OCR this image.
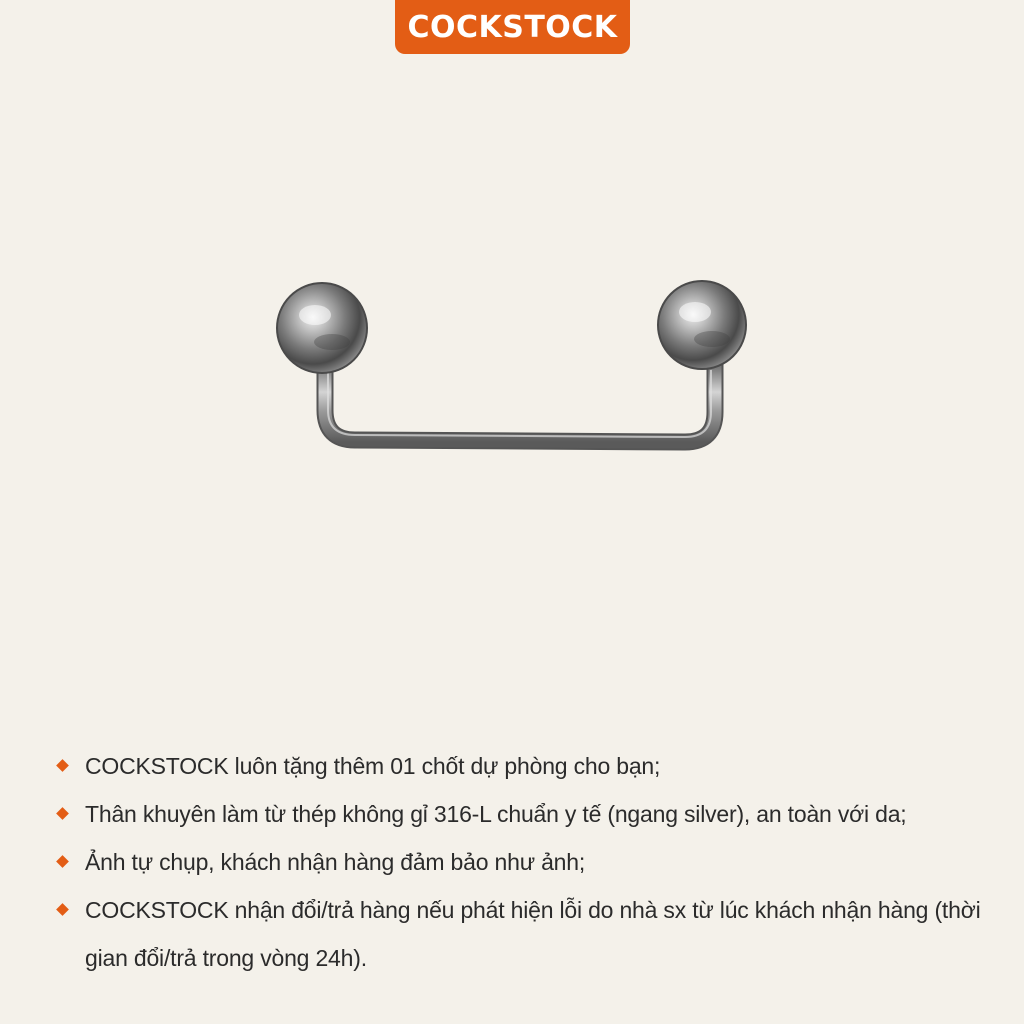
COCKSTOCK
COCKSTOCK luôn tặng thêm 01 chốt dự phòng cho bạn;
Thân khuyên làm từ thép không gỉ 316-L chuẩn y tế (ngang silver), an toàn với da;
Ảnh tự chụp, khách nhận hàng đảm bảo như ảnh;
COCKSTOCK nhận đổi/trả hàng nếu phát hiện lỗi do nhà sx từ lúc khách nhận hàng (thời gian đổi/trả trong vòng 24h).
